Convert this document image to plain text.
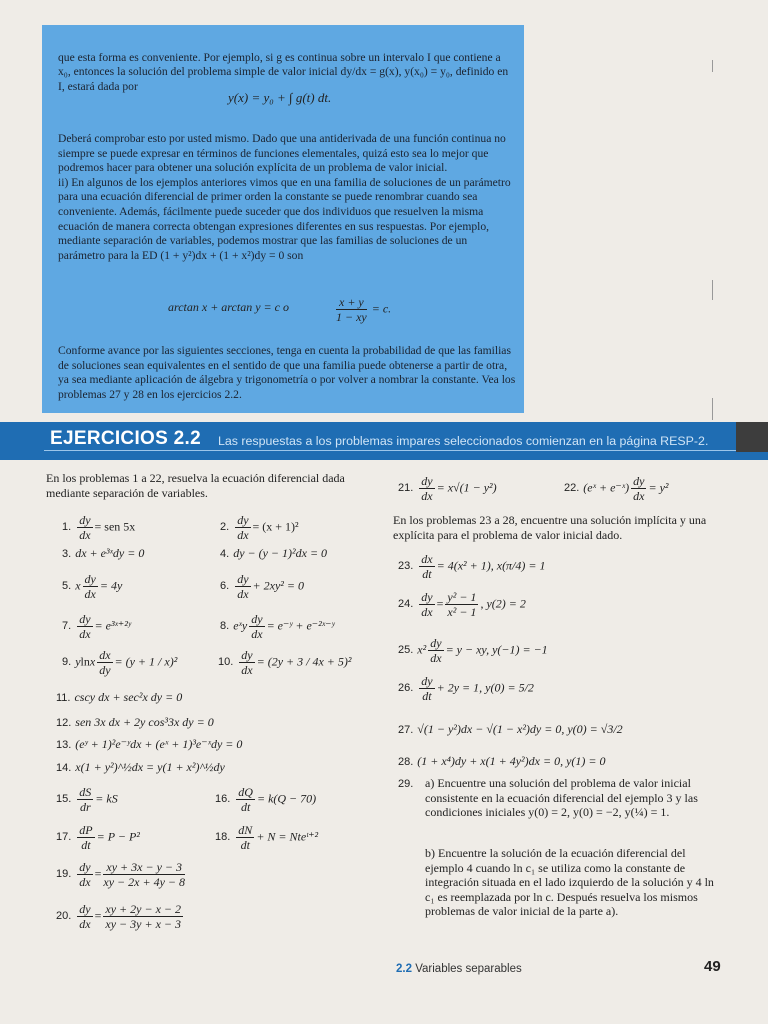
que esta forma es conveniente. Por ejemplo, si g es continua sobre un intervalo I que contiene a x₀, entonces la solución del problema simple de valor inicial dy/dx = g(x), y(x₀) = y₀, definido en I, estará dada por

y(x) = y₀ + ∫ g(t) dt.
Deberá comprobar esto por usted mismo. Dado que una antiderivada de una función continua no siempre se puede expresar en términos de funciones elementales, quizá esto sea lo mejor que podremos hacer para obtener una solución explícita de un problema de valor inicial.
ii) En algunos de los ejemplos anteriores vimos que en una familia de soluciones de un parámetro para una ecuación diferencial de primer orden la constante se puede renombrar cuando sea conveniente. Además, fácilmente puede suceder que dos individuos que resuelven la misma ecuación de manera correcta obtengan expresiones diferentes en sus respuestas. Por ejemplo, mediante separación de variables, podemos mostrar que las familias de soluciones de un parámetro para la ED (1 + y²)dx + (1 + x²)dy = 0 son
arctan x + arctan y = c o	$\frac{x + y}{1 - xy} = c$.

Conforme avance por las siguientes secciones, tenga en cuenta la probabilidad de que las familias de soluciones sean equivalentes en el sentido de que una familia puede obtenerse a partir de otra, ya sea mediante aplicación de álgebra y trigonometría o por volver a nombrar la constante. Vea los problemas 27 y 28 en los ejercicios 2.2.

EJERCICIOS 2.2 Las respuestas a los problemas impares seleccionados comienzan en la página RESP-2.
En los problemas 1 a 22, resuelva la ecuación diferencial dada mediante separación de variables.
En los problemas 23 a 28, encuentre una solución implícita y una explícita para el problema de valor inicial dado.
1. $\frac{dy}{dx}$ = sen 5x	2. $\frac{dy}{dx} = (x + 1)^2$
3. dx + e³ˣdy = 0	4. dy − (y − 1)²dx = 0
5. x $\frac{dy}{dx} = 4y$	6. $\frac{dy}{dx} + 2xy^2 = 0$
7. $\frac{dy}{dx}$ = e³ˣ⁺²ʸ	8. eˣy $\frac{dy}{dx}$ = e⁻ʸ + e⁻²ˣ⁻ʸ
9. ylnx $\frac{dx}{dy} = (y + 1 / x)^2$	10. $\frac{dy}{dx} = (2y + 3 / 4x + 5)^2$
11. cscy dx + sec²x dy = 0
12. sen 3x dx + 2y cos³3x dy = 0
13. (eʸ + 1)²e⁻ʸdx + (eˣ + 1)³e⁻ˣdy = 0
14. x(1 + y²)^½dx = y(1 + x²)^½dy
15. $\frac{dS}{dr}$ = kS	16. $\frac{dQ}{dt} = k(Q - 70)$
17. $\frac{dP}{dt} = P - P^2$	18. $\frac{dN}{dt} + N$ = Nteᵗ⁺²
19. $\frac{dy}{dx} = \frac{xy + 3x - y - 3}{xy - 2x + 4y - 8}$
20. $\frac{dy}{dx} = \frac{xy + 2y - x - 2}{xy - 3y + x - 3}$
21. $\frac{dy}{dx} = x√(1 - y^2)$	22. (eˣ + e⁻ˣ) $\frac{dy}{dx} = y^2$
23. $\frac{dx}{dt} = 4(x^2 + 1)$, x(π/4) = 1
24. $\frac{dy}{dx} = \frac{\text{y² − 1}}{\text{x² − 1}}$ , y(2) = 2
25. $x^2 \frac{dy}{dx} = y$ − xy, y(−1) = −1
26. $\frac{dy}{dt} + 2y = 1$, y(0) = 5/2
27. √(1 − y²)dx − √(1 − x²)dy = 0, y(0) = √3/2
28. (1 + x⁴)dy + x(1 + 4y²)dx = 0, y(1) = 0
29. a) Encuentre una solución del problema de valor inicial consistente en la ecuación diferencial del ejemplo 3 y las condiciones iniciales y(0) = 2, y(0) = −2, y(¼) = 1.
b) Encuentre la solución de la ecuación diferencial del ejemplo 4 cuando ln c₁ se utiliza como la constante de integración situada en el lado izquierdo de la solución y 4 ln c₁ es reemplazada por ln c. Después resuelva los mismos problemas de valor inicial de la parte a).
2.2 Variables separables	49
